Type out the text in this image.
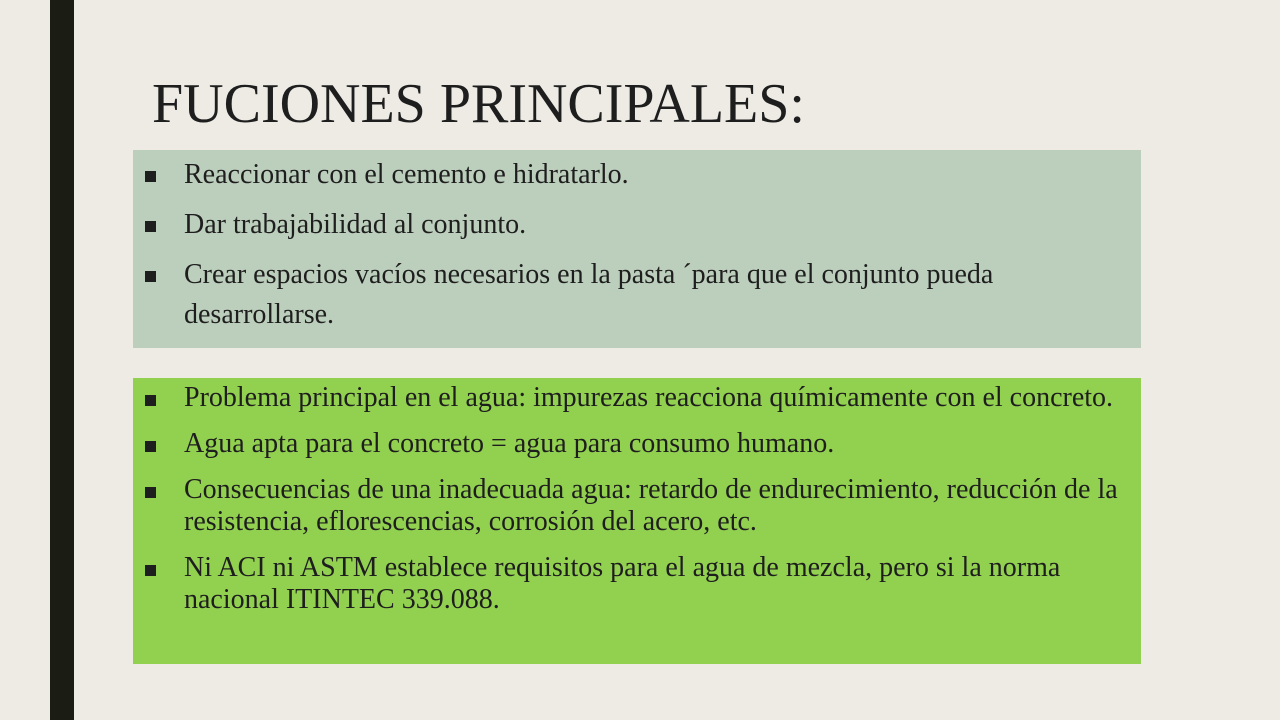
FUCIONES PRINCIPALES:
Reaccionar con el cemento e hidratarlo.
Dar trabajabilidad al conjunto.
Crear espacios vacíos necesarios en la pasta ´para que el conjunto pueda desarrollarse.
Problema principal en el agua: impurezas reacciona químicamente con el concreto.
Agua apta para el concreto = agua para consumo humano.
Consecuencias de una inadecuada agua: retardo de endurecimiento, reducción de la resistencia, eflorescencias, corrosión del acero, etc.
Ni ACI ni ASTM establece requisitos para el agua de mezcla, pero si la norma nacional ITINTEC 339.088.
